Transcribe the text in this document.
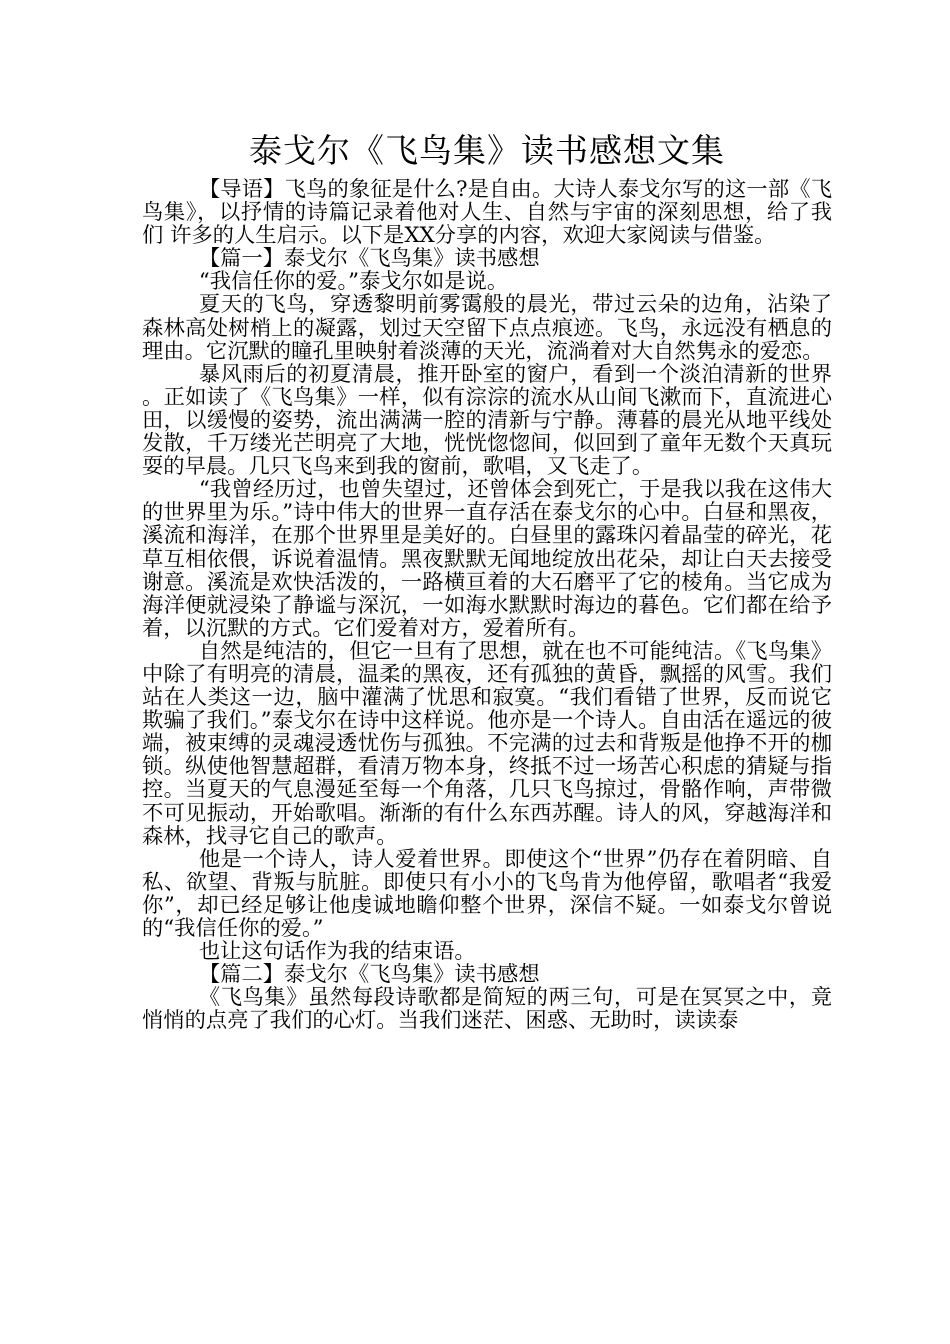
泰戈尔《飞鸟集》读书感想文集

【导语】飞鸟的象征是什么?是自由。大诗人泰戈尔写的这一部《飞鸟集》，以抒情的诗篇记录着他对人生、自然与宇宙的深刻思想，给了我们 许多的人生启示。以下是XX分享的内容，欢迎大家阅读与借鉴。

【篇一】泰戈尔《飞鸟集》读书感想

“我信任你的爱。”泰戈尔如是说。

夏天的飞鸟，穿透黎明前雾霭般的晨光，带过云朵的边角，沾染了森林高处树梢上的凝露，划过天空留下点点痕迹。飞鸟，永远没有栖息的理由。它沉默的瞳孔里映射着淡薄的天光，流淌着对大自然隽永的爱恋。

暴风雨后的初夏清晨，推开卧室的窗户，看到一个淡泊清新的世界。正如读了《飞鸟集》一样，似有淙淙的流水从山间飞漱而下，直流进心田，以缓慢的姿势，流出满满一腔的清新与宁静。薄暮的晨光从地平线处发散，千万缕光芒明亮了大地，恍恍惚惚间，似回到了童年无数个天真玩耍的早晨。几只飞鸟来到我的窗前，歌唱，又飞走了。

“我曾经历过，也曾失望过，还曾体会到死亡，于是我以我在这伟大的世界里为乐。”诗中伟大的世界一直存活在泰戈尔的心中。白昼和黑夜，溪流和海洋，在那个世界里是美好的。白昼里的露珠闪着晶莹的碎光，花草互相依偎，诉说着温情。黑夜默默无闻地绽放出花朵，却让白天去接受谢意。溪流是欢快活泼的，一路横亘着的大石磨平了它的棱角。当它成为海洋便就浸染了静谧与深沉，一如海水默默时海边的暮色。它们都在给予着，以沉默的方式。它们爱着对方，爱着所有。

自然是纯洁的，但它一旦有了思想，就在也不可能纯洁。《飞鸟集》中除了有明亮的清晨，温柔的黑夜，还有孤独的黄昏，飘摇的风雪。我们站在人类这一边，脑中灌满了忧思和寂寞。“我们看错了世界，反而说它欺骗了我们。”泰戈尔在诗中这样说。他亦是一个诗人。自由活在遥远的彼端，被束缚的灵魂浸透忧伤与孤独。不完满的过去和背叛是他挣不开的枷锁。纵使他智慧超群，看清万物本身，终抵不过一场苦心积虑的猜疑与指控。当夏天的气息漫延至每一个角落，几只飞鸟掠过，骨骼作响，声带微不可见振动，开始歌唱。渐渐的有什么东西苏醒。诗人的风，穿越海洋和森林，找寻它自己的歌声。

他是一个诗人，诗人爱着世界。即使这个“世界”仍存在着阴暗、自私、欲望、背叛与肮脏。即使只有小小的飞鸟肯为他停留，歌唱者“我爱你”，却已经足够让他虔诚地瞻仰整个世界，深信不疑。一如泰戈尔曾说的“我信任你的爱。”

也让这句话作为我的结束语。

【篇二】泰戈尔《飞鸟集》读书感想

《飞鸟集》虽然每段诗歌都是简短的两三句，可是在冥冥之中，竟悄悄的点亮了我们的心灯。当我们迷茫、困惑、无助时，读读泰
